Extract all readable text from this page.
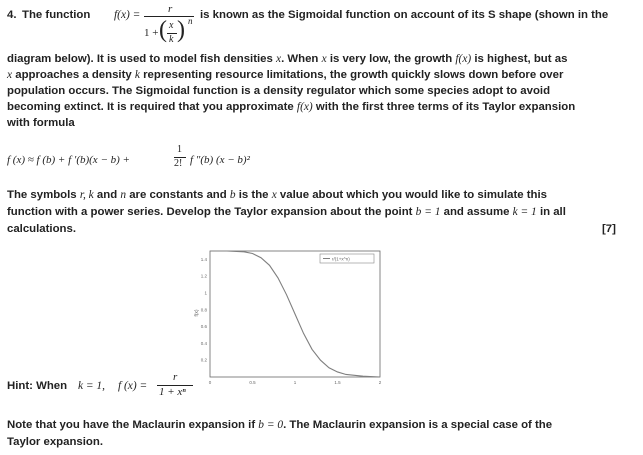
4. The function f(x) =	r
1 + ( x
k ) n is known as the Sigmoidal function on account of its S shape (shown in the
diagram below). It is used to model fish densities x. When x is very low, the growth f(x) is highest, but as
x approaches a density k representing resource limitations, the growth quickly slows down before over
population occurs. The Sigmoidal function is a density regulator which some species adopt to avoid
becoming extinct. It is required that you approximate f(x) with the first three terms of its Taylor expansion
with formula
f (x) ≈ f (b) + f ′(b)(x − b) +
1
2! f ″(b) (x − b)²
The symbols r, k and n are constants and b is the x value about which you would like to simulate this
function with a power series. Develop the Taylor expansion about the point b = 1 and assume k = 1 in all
calculations.	[7]
f(x)
0.2
0.4
0.6
0.8
1
1.2
1.4
0	0.5	1	1.5	2
r/(1+x^n)
Hint: When k = 1, f (x) =
r
1 + xⁿ
Note that you have the Maclaurin expansion if b = 0. The Maclaurin expansion is a special case of the
Taylor expansion.
